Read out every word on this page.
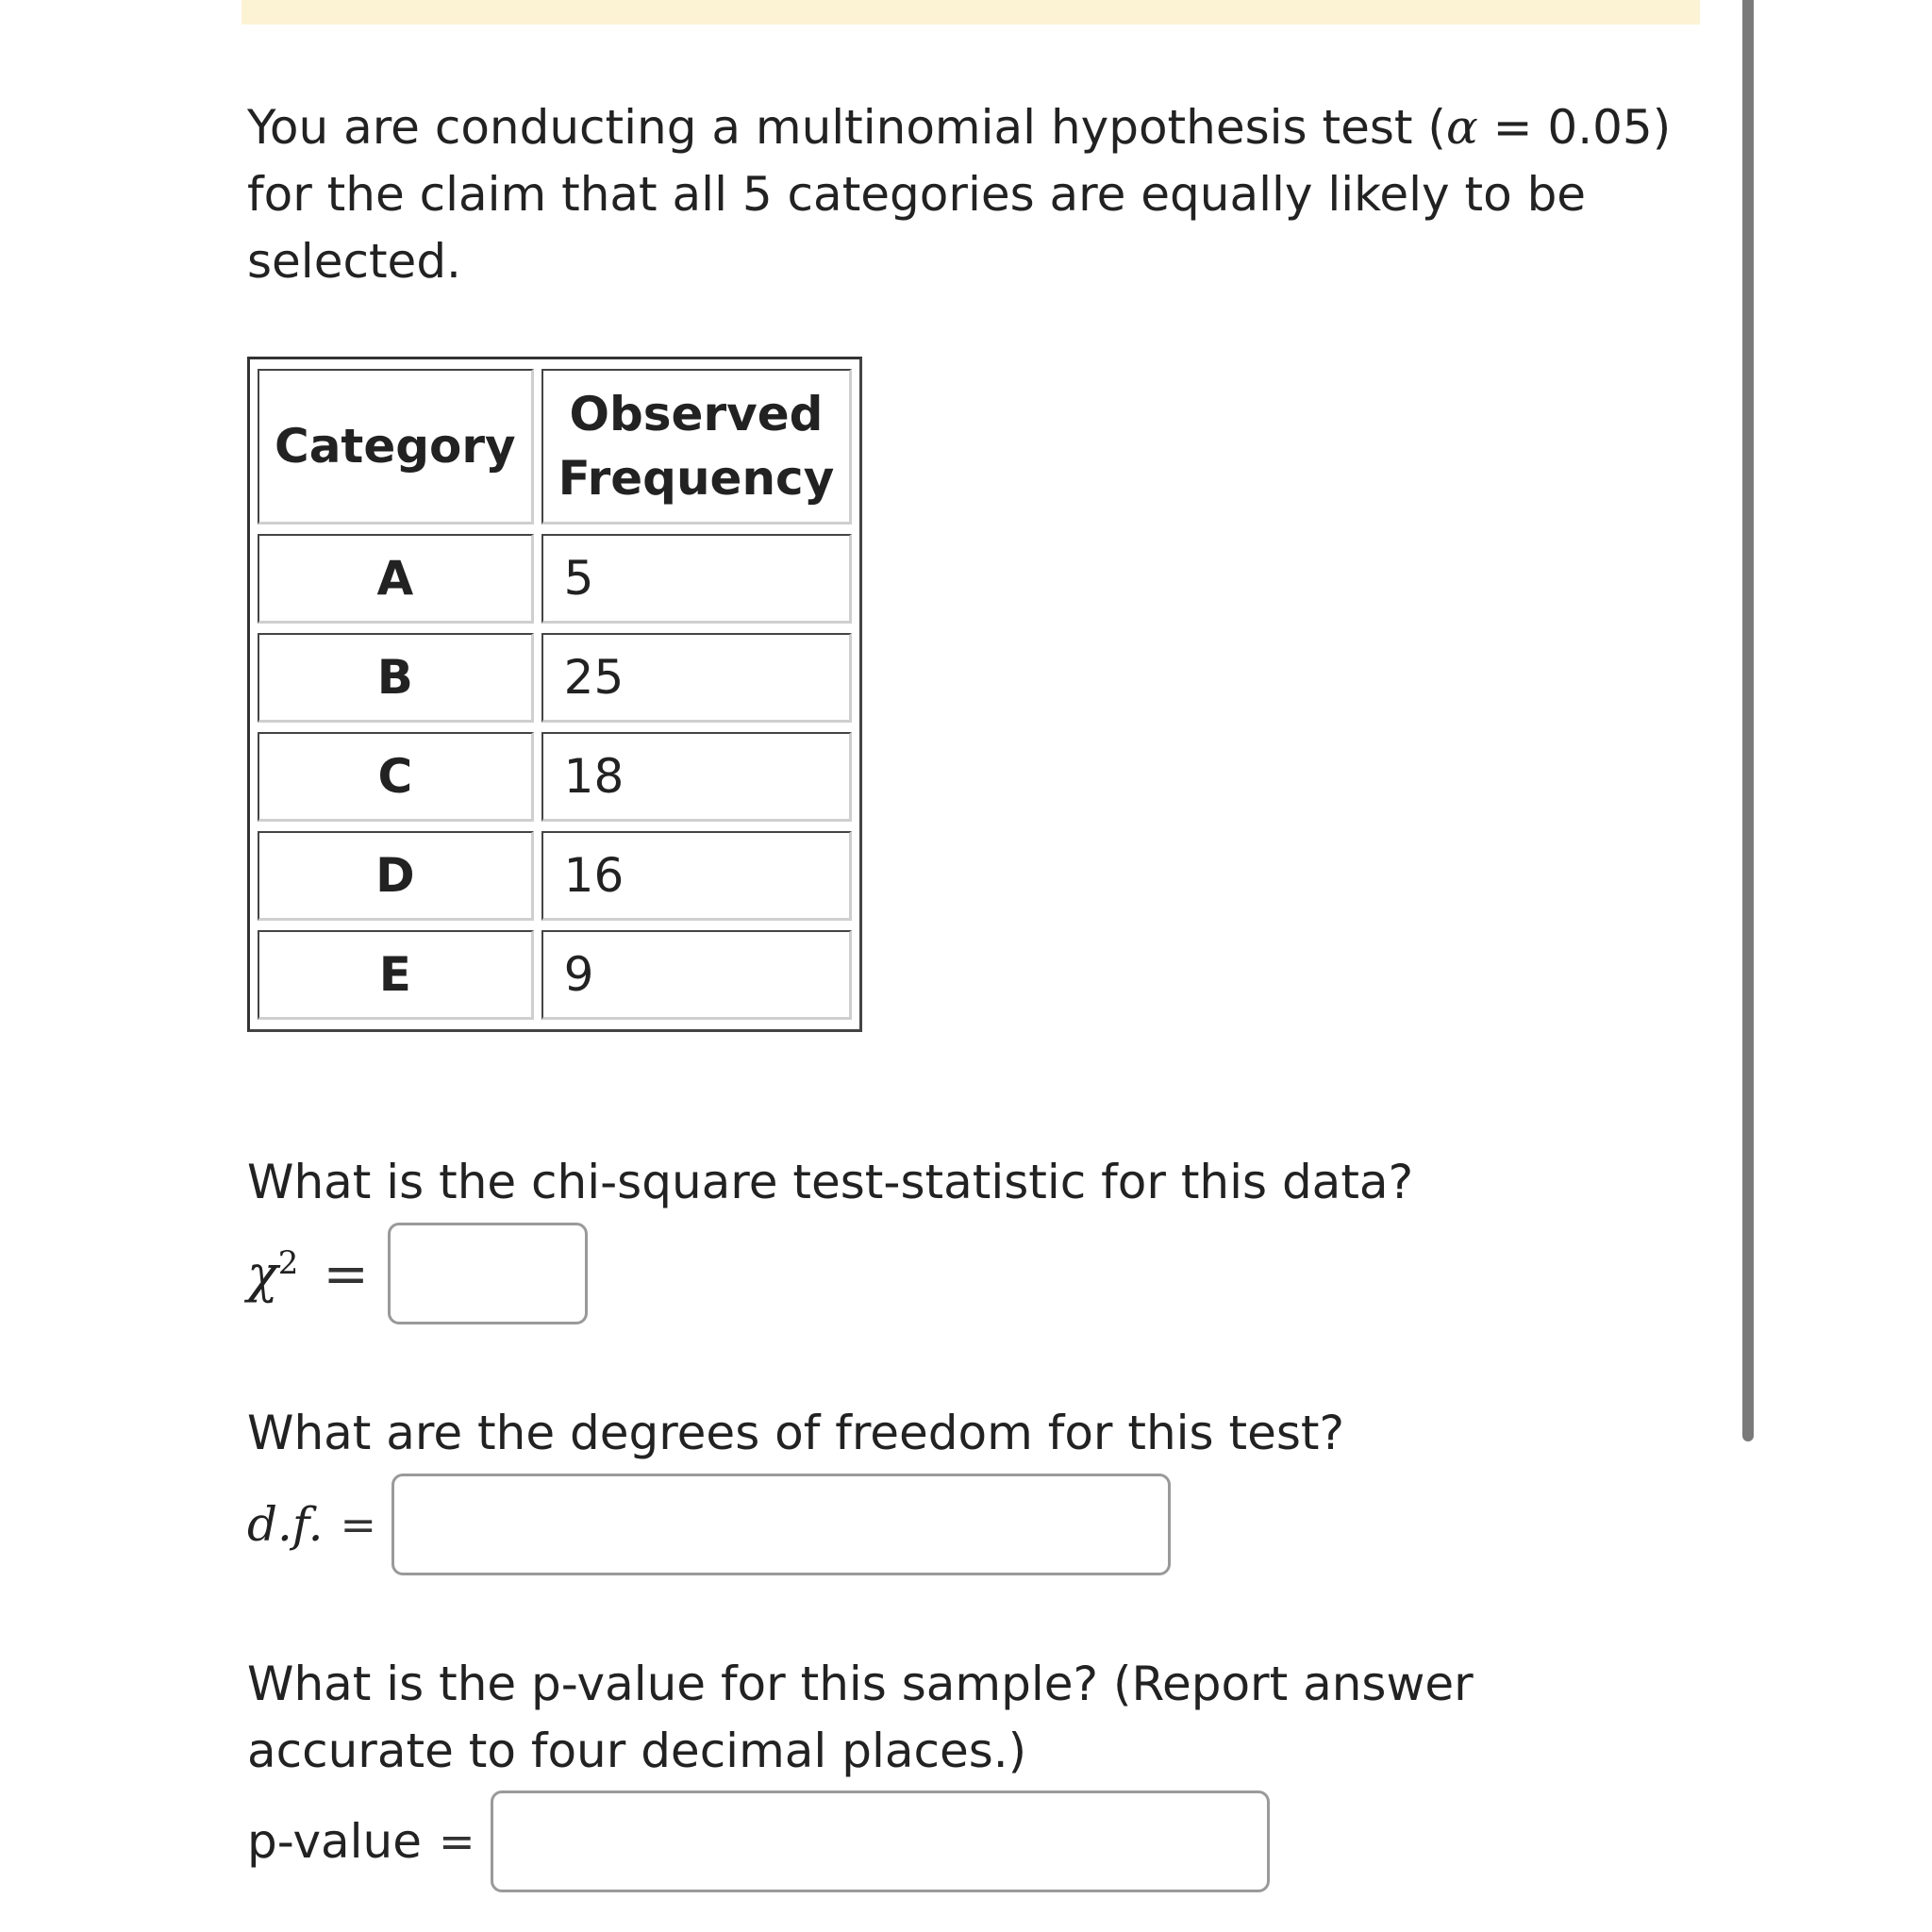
You are conducting a multinomial hypothesis test (α = 0.05) for the claim that all 5 categories are equally likely to be selected.

Category	Observed
Frequency
A	5
B	25
C	18
D	16
E	9

What is the chi-square test-statistic for this data?

$\chi^2$ =

What are the degrees of freedom for this test?

d.f. =

What is the p-value for this sample? (Report answer accurate to four decimal places.)

p-value =
